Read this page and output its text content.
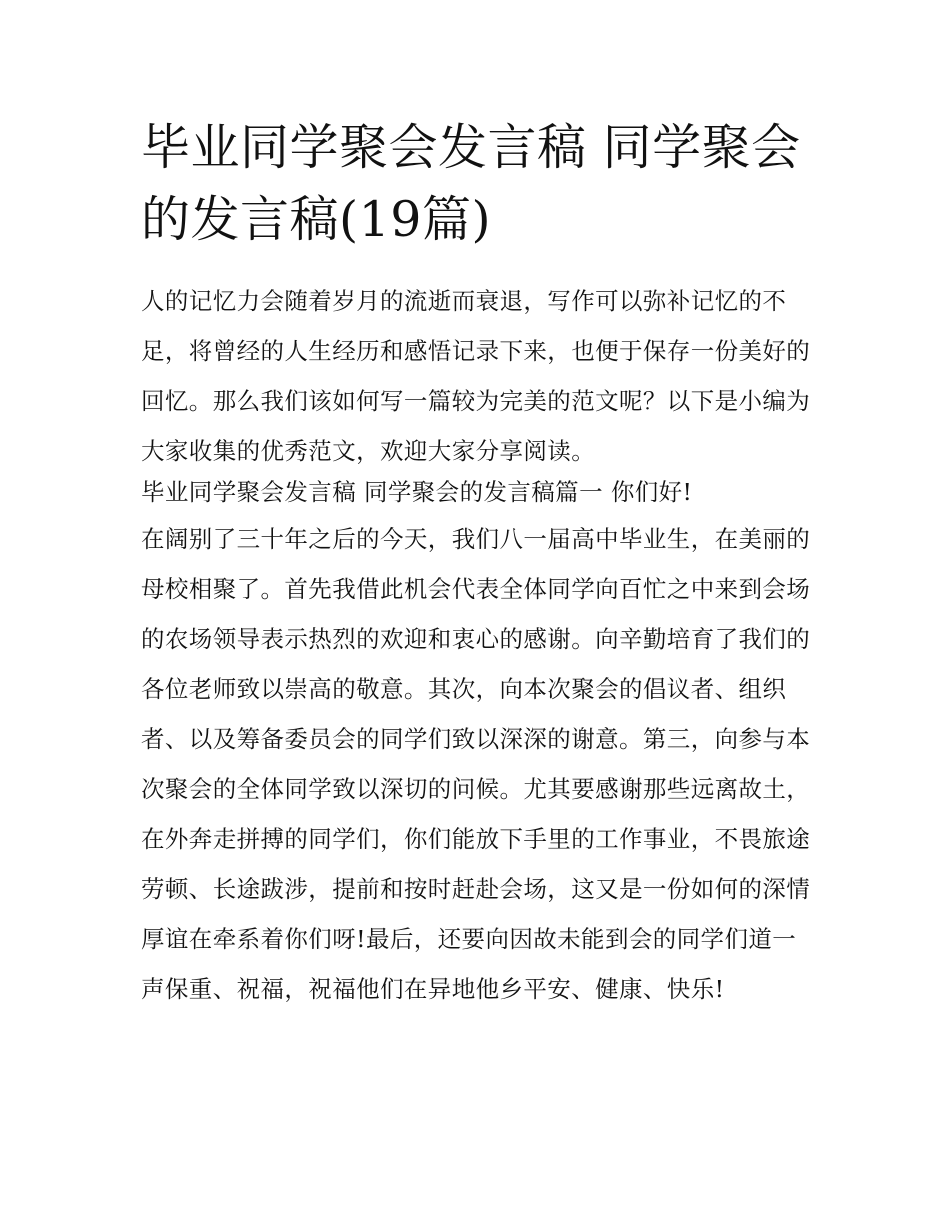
毕业同学聚会发言稿 同学聚会的发言稿(19篇)

人的记忆力会随着岁月的流逝而衰退，写作可以弥补记忆的不足，将曾经的人生经历和感悟记录下来，也便于保存一份美好的回忆。那么我们该如何写一篇较为完美的范文呢？以下是小编为大家收集的优秀范文，欢迎大家分享阅读。

毕业同学聚会发言稿 同学聚会的发言稿篇一 你们好!

在阔别了三十年之后的今天，我们八一届高中毕业生，在美丽的母校相聚了。首先我借此机会代表全体同学向百忙之中来到会场的农场领导表示热烈的欢迎和衷心的感谢。向辛勤培育了我们的各位老师致以崇高的敬意。其次，向本次聚会的倡议者、组织者、以及筹备委员会的同学们致以深深的谢意。第三，向参与本次聚会的全体同学致以深切的问候。尤其要感谢那些远离故土，在外奔走拼搏的同学们，你们能放下手里的工作事业，不畏旅途劳顿、长途跋涉，提前和按时赶赴会场，这又是一份如何的深情厚谊在牵系着你们呀!最后，还要向因故未能到会的同学们道一声保重、祝福，祝福他们在异地他乡平安、健康、快乐!
